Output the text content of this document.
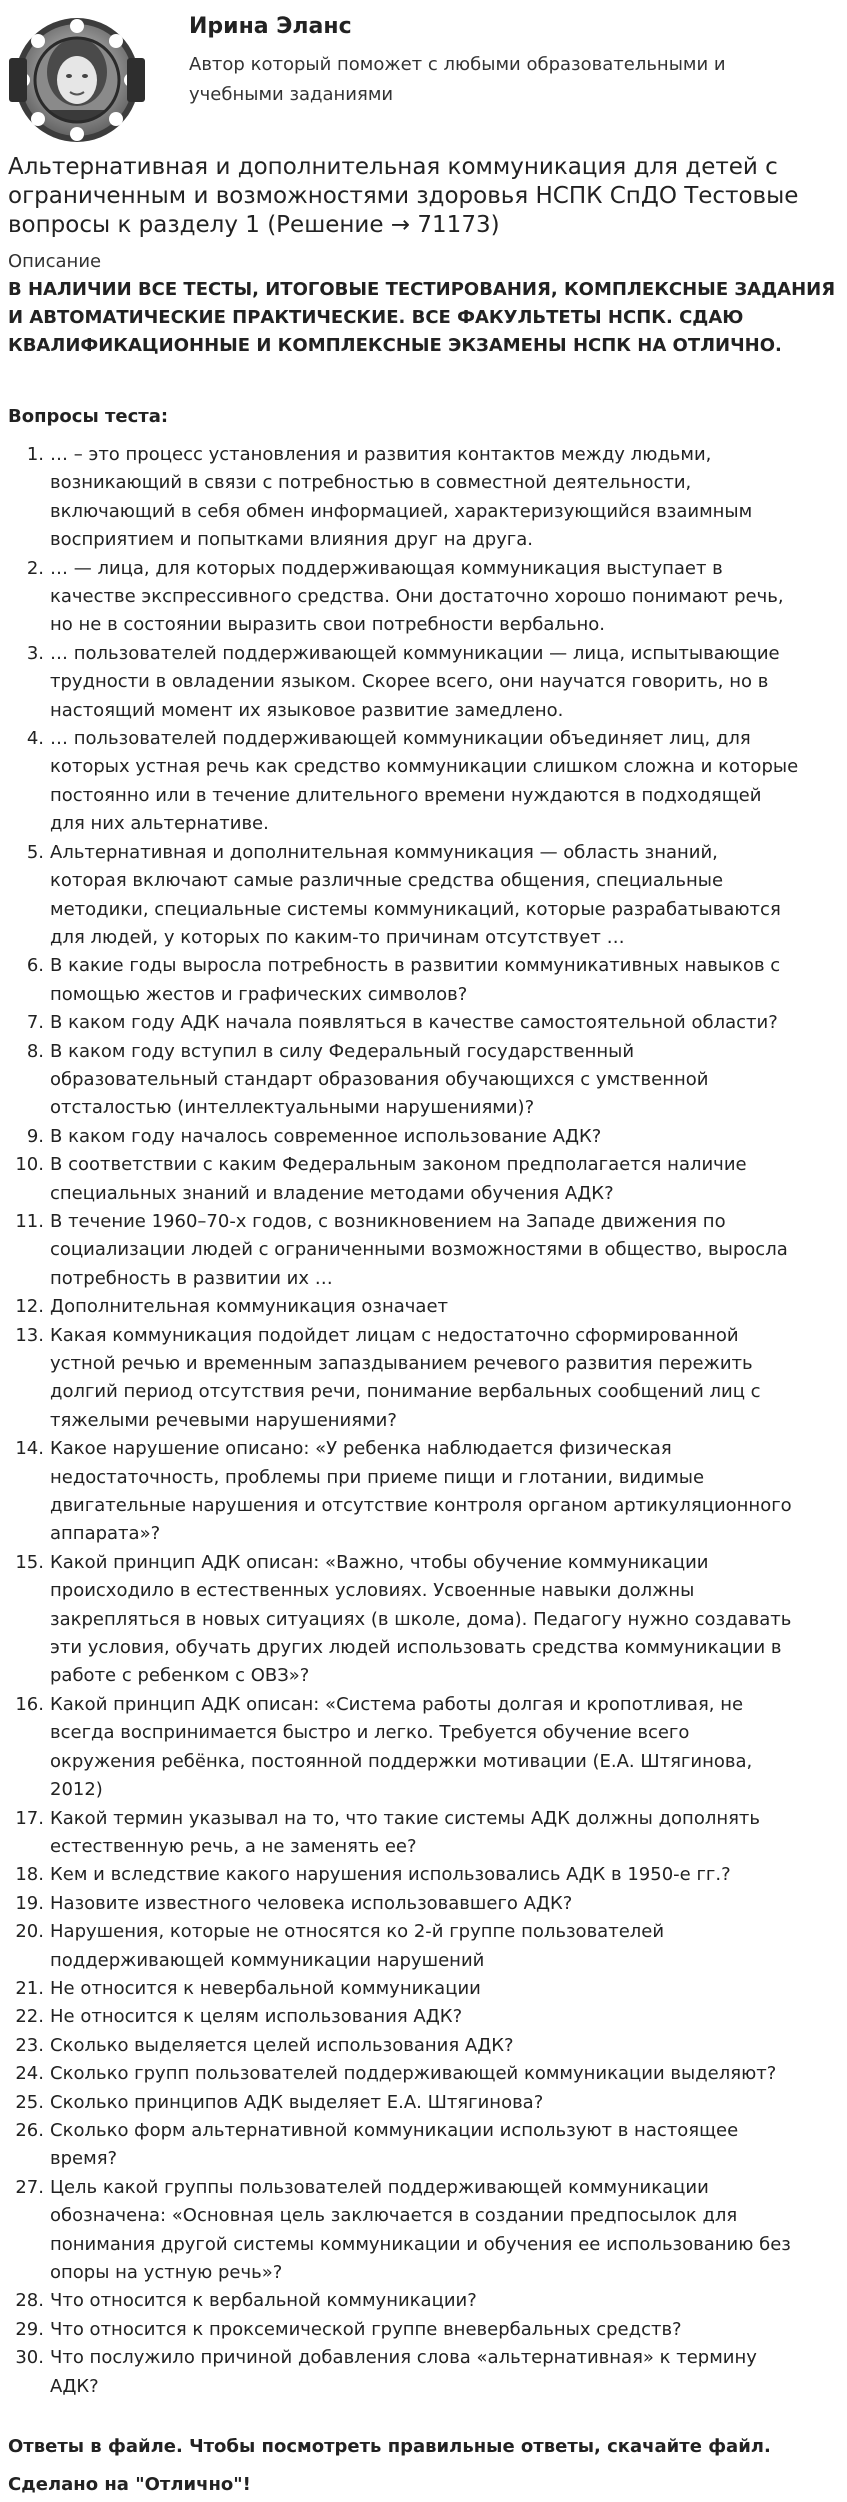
Ирина Эланс

Автор который поможет с любыми образовательными и учебными заданиями

Альтернативная и дополнительная коммуникация для детей с ограниченным и возможностями здоровья НСПК СпДО Тестовые вопросы к разделу 1 (Решение → 71173)

Описание

В НАЛИЧИИ ВСЕ ТЕСТЫ, ИТОГОВЫЕ ТЕСТИРОВАНИЯ, КОМПЛЕКСНЫЕ ЗАДАНИЯ И АВТОМАТИЧЕСКИЕ ПРАКТИЧЕСКИЕ. ВСЕ ФАКУЛЬТЕТЫ НСПК. СДАЮ КВАЛИФИКАЦИОННЫЕ И КОМПЛЕКСНЫЕ ЭКЗАМЕНЫ НСПК НА ОТЛИЧНО.

Вопросы теста:

1. … – это процесс установления и развития контактов между людьми,
возникающий в связи с потребностью в совместной деятельности,
включающий в себя обмен информацией, характеризующийся взаимным
восприятием и попытками влияния друг на друга.
2. … — лица, для которых поддерживающая коммуникация выступает в
качестве экспрессивного средства. Они достаточно хорошо понимают речь,
но не в состоянии выразить свои потребности вербально.
3. … пользователей поддерживающей коммуникации — лица, испытывающие
трудности в овладении языком. Скорее всего, они научатся говорить, но в
настоящий момент их языковое развитие замедлено.
4. … пользователей поддерживающей коммуникации объединяет лиц, для
которых устная речь как средство коммуникации слишком сложна и которые
постоянно или в течение длительного времени нуждаются в подходящей
для них альтернативе.
5. Альтернативная и дополнительная коммуникация — область знаний,
которая включают самые различные средства общения, специальные
методики, специальные системы коммуникаций, которые разрабатываются
для людей, у которых по каким-то причинам отсутствует …
6. В какие годы выросла потребность в развитии коммуникативных навыков с
помощью жестов и графических символов?
7. В каком году АДК начала появляться в качестве самостоятельной области?
8. В каком году вступил в силу Федеральный государственный
образовательный стандарт образования обучающихся с умственной
отсталостью (интеллектуальными нарушениями)?
9. В каком году началось современное использование АДК?
10. В соответствии с каким Федеральным законом предполагается наличие
специальных знаний и владение методами обучения АДК?
11. В течение 1960–70-х годов, с возникновением на Западе движения по
социализации людей с ограниченными возможностями в общество, выросла
потребность в развитии их …
12. Дополнительная коммуникация означает
13. Какая коммуникация подойдет лицам с недостаточно сформированной
устной речью и временным запаздыванием речевого развития пережить
долгий период отсутствия речи, понимание вербальных сообщений лиц с
тяжелыми речевыми нарушениями?
14. Какое нарушение описано: «У ребенка наблюдается физическая
недостаточность, проблемы при приеме пищи и глотании, видимые
двигательные нарушения и отсутствие контроля органом артикуляционного
аппарата»?
15. Какой принцип АДК описан: «Важно, чтобы обучение коммуникации
происходило в естественных условиях. Усвоенные навыки должны
закрепляться в новых ситуациях (в школе, дома). Педагогу нужно создавать
эти условия, обучать других людей использовать средства коммуникации в
работе с ребенком с ОВЗ»?
16. Какой принцип АДК описан: «Система работы долгая и кропотливая, не
всегда воспринимается быстро и легко. Требуется обучение всего
окружения ребёнка, постоянной поддержки мотивации (Е.А. Штягинова,
2012)
17. Какой термин указывал на то, что такие системы АДК должны дополнять
естественную речь, а не заменять ее?
18. Кем и вследствие какого нарушения использовались АДК в 1950-е гг.?
19. Назовите известного человека использовавшего АДК?
20. Нарушения, которые не относятся ко 2-й группе пользователей
поддерживающей коммуникации нарушений
21. Не относится к невербальной коммуникации
22. Не относится к целям использования АДК?
23. Сколько выделяется целей использования АДК?
24. Сколько групп пользователей поддерживающей коммуникации выделяют?
25. Сколько принципов АДК выделяет Е.А. Штягинова?
26. Сколько форм альтернативной коммуникации используют в настоящее
время?
27. Цель какой группы пользователей поддерживающей коммуникации
обозначена: «Основная цель заключается в создании предпосылок для
понимания другой системы коммуникации и обучения ее использованию без
опоры на устную речь»?
28. Что относится к вербальной коммуникации?
29. Что относится к проксемической группе вневербальных средств?
30. Что послужило причиной добавления слова «альтернативная» к термину
АДК?

Ответы в файле. Чтобы посмотреть правильные ответы, скачайте файл.

Сделано на "Отлично"!
